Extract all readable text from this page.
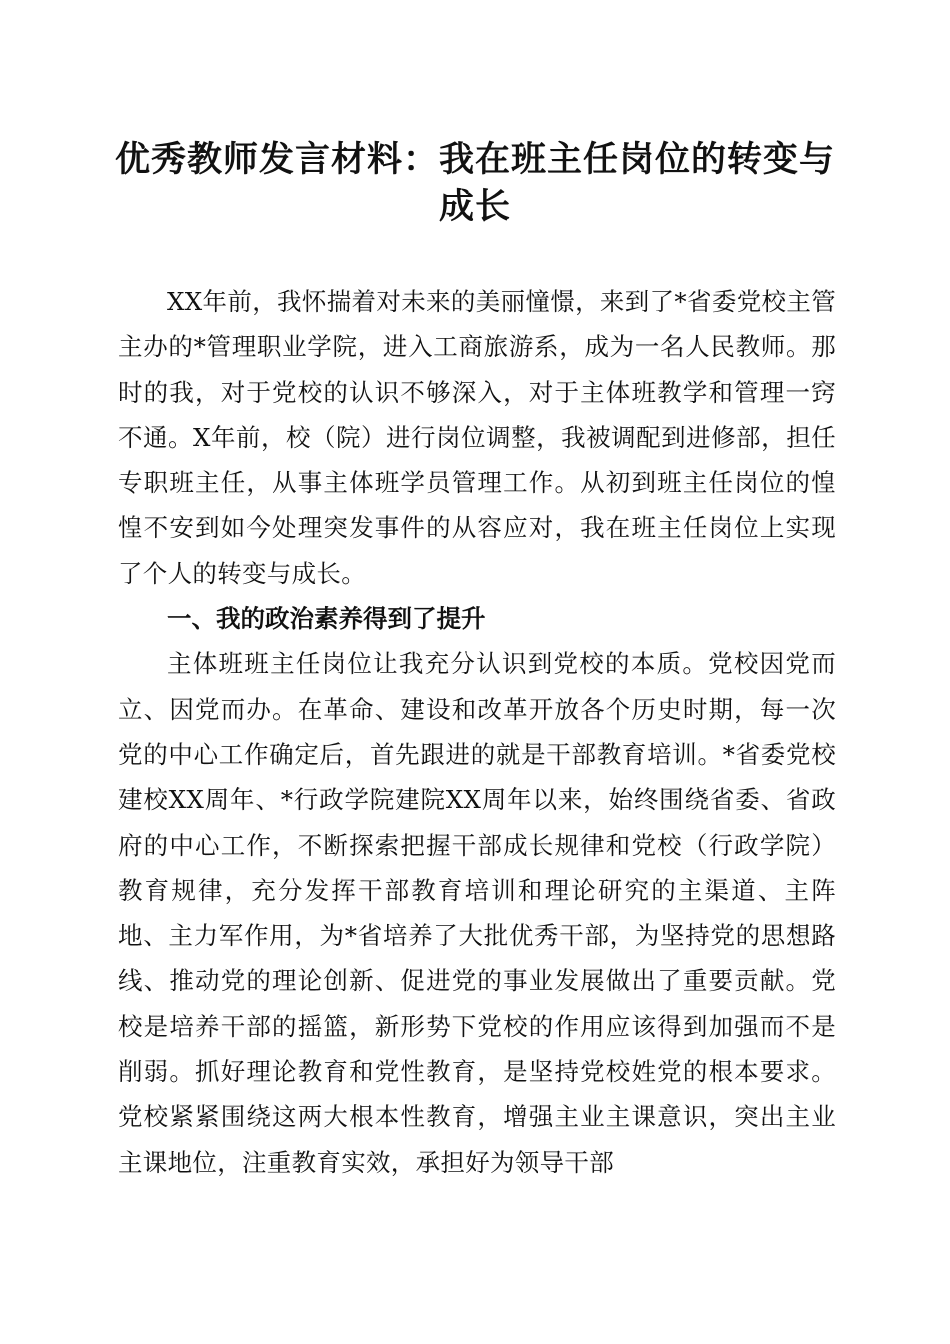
优秀教师发言材料：我在班主任岗位的转变与成长

XX年前，我怀揣着对未来的美丽憧憬，来到了*省委党校主管主办的*管理职业学院，进入工商旅游系，成为一名人民教师。那时的我，对于党校的认识不够深入，对于主体班教学和管理一窍不通。X年前，校（院）进行岗位调整，我被调配到进修部，担任专职班主任，从事主体班学员管理工作。从初到班主任岗位的惶惶不安到如今处理突发事件的从容应对，我在班主任岗位上实现了个人的转变与成长。

一、我的政治素养得到了提升

主体班班主任岗位让我充分认识到党校的本质。党校因党而立、因党而办。在革命、建设和改革开放各个历史时期，每一次党的中心工作确定后，首先跟进的就是干部教育培训。*省委党校建校XX周年、*行政学院建院XX周年以来，始终围绕省委、省政府的中心工作，不断探索把握干部成长规律和党校（行政学院）教育规律，充分发挥干部教育培训和理论研究的主渠道、主阵地、主力军作用，为*省培养了大批优秀干部，为坚持党的思想路线、推动党的理论创新、促进党的事业发展做出了重要贡献。党校是培养干部的摇篮，新形势下党校的作用应该得到加强而不是削弱。抓好理论教育和党性教育，是坚持党校姓党的根本要求。党校紧紧围绕这两大根本性教育，增强主业主课意识，突出主业主课地位，注重教育实效，承担好为领导干部
